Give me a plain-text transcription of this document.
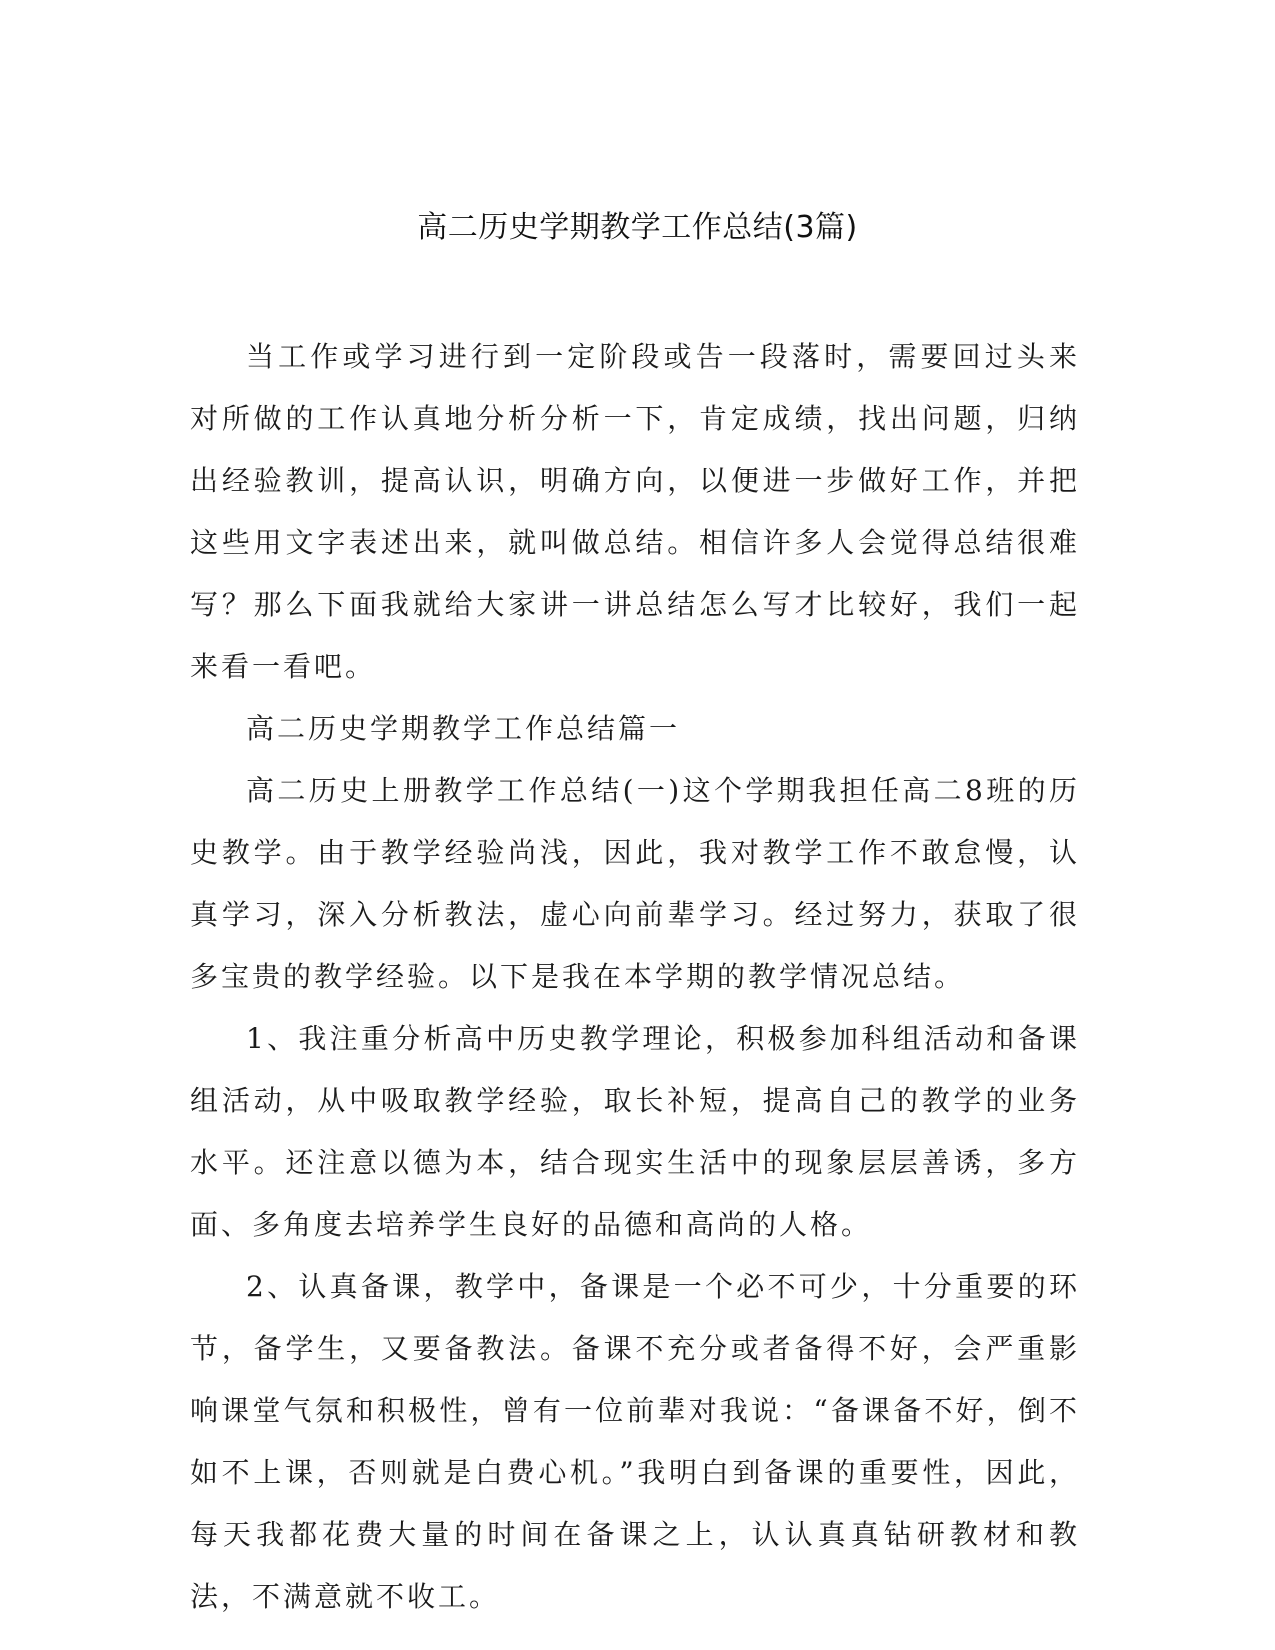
高二历史学期教学工作总结(3篇)

当工作或学习进行到一定阶段或告一段落时，需要回过头来对所做的工作认真地分析分析一下，肯定成绩，找出问题，归纳出经验教训，提高认识，明确方向，以便进一步做好工作，并把这些用文字表述出来，就叫做总结。相信许多人会觉得总结很难写？那么下面我就给大家讲一讲总结怎么写才比较好，我们一起来看一看吧。

高二历史学期教学工作总结篇一

高二历史上册教学工作总结(一)这个学期我担任高二8班的历史教学。由于教学经验尚浅，因此，我对教学工作不敢怠慢，认真学习，深入分析教法，虚心向前辈学习。经过努力，获取了很多宝贵的教学经验。以下是我在本学期的教学情况总结。

1、我注重分析高中历史教学理论，积极参加科组活动和备课组活动，从中吸取教学经验，取长补短，提高自己的教学的业务水平。还注意以德为本，结合现实生活中的现象层层善诱，多方面、多角度去培养学生良好的品德和高尚的人格。

2、认真备课，教学中，备课是一个必不可少，十分重要的环节，备学生，又要备教法。备课不充分或者备得不好，会严重影响课堂气氛和积极性，曾有一位前辈对我说：“备课备不好，倒不如不上课，否则就是白费心机。”我明白到备课的重要性，因此，每天我都花费大量的时间在备课之上，认认真真钻研教材和教法，不满意就不收工。
